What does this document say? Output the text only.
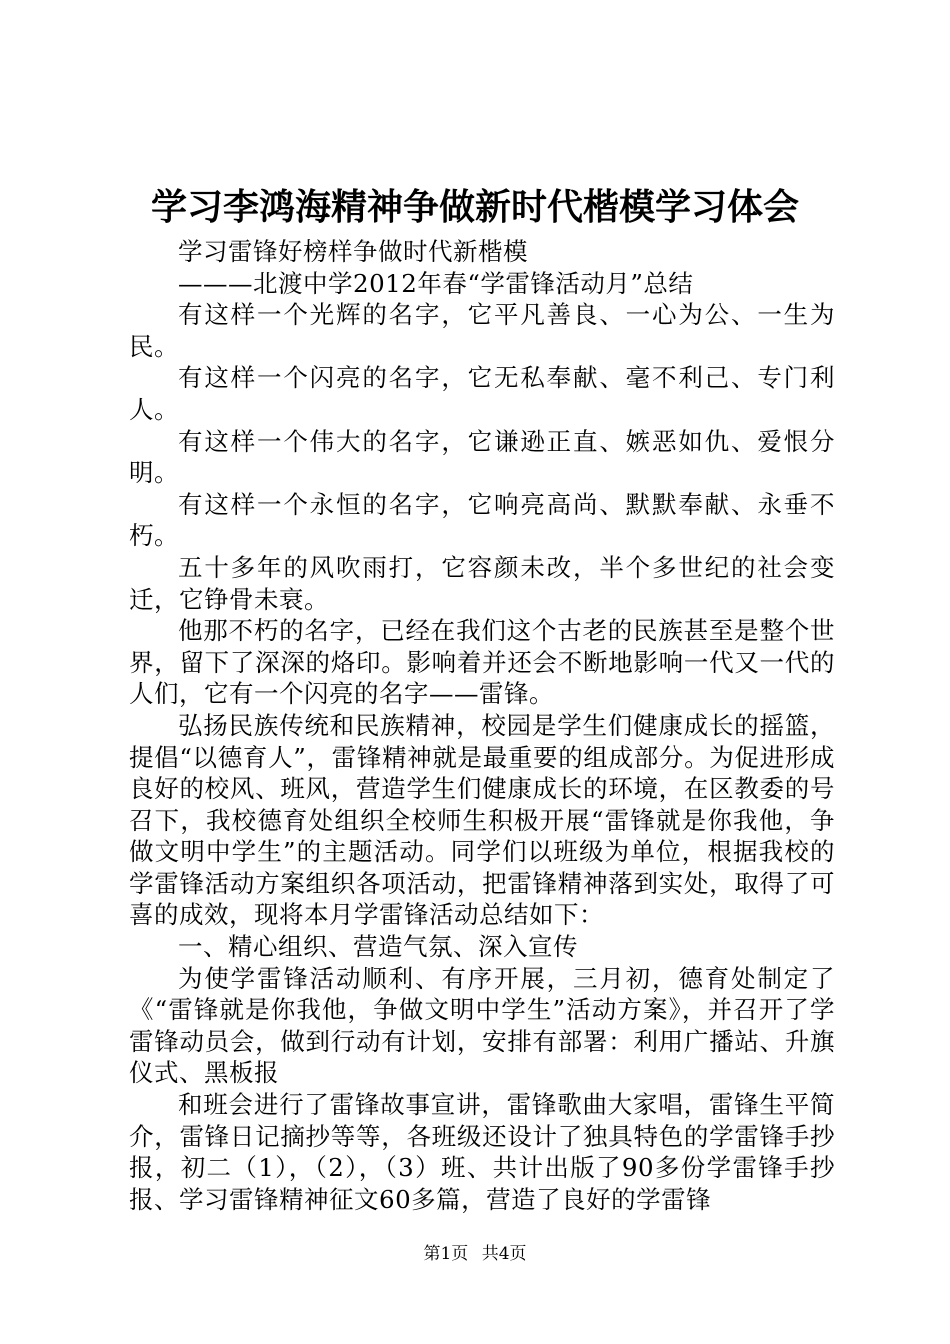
学习李鸿海精神争做新时代楷模学习体会

学习雷锋好榜样争做时代新楷模

———北渡中学2012年春“学雷锋活动月”总结

有这样一个光辉的名字，它平凡善良、一心为公、一生为民。

有这样一个闪亮的名字，它无私奉献、毫不利己、专门利人。

有这样一个伟大的名字，它谦逊正直、嫉恶如仇、爱恨分明。

有这样一个永恒的名字，它响亮高尚、默默奉献、永垂不朽。

五十多年的风吹雨打，它容颜未改，半个多世纪的社会变迁，它铮骨未衰。

他那不朽的名字，已经在我们这个古老的民族甚至是整个世界，留下了深深的烙印。影响着并还会不断地影响一代又一代的人们，它有一个闪亮的名字——雷锋。

弘扬民族传统和民族精神，校园是学生们健康成长的摇篮，提倡“以德育人”，雷锋精神就是最重要的组成部分。为促进形成良好的校风、班风，营造学生们健康成长的环境，在区教委的号召下，我校德育处组织全校师生积极开展“雷锋就是你我他，争做文明中学生”的主题活动。同学们以班级为单位，根据我校的学雷锋活动方案组织各项活动，把雷锋精神落到实处，取得了可喜的成效，现将本月学雷锋活动总结如下：

一、精心组织、营造气氛、深入宣传

为使学雷锋活动顺利、有序开展，三月初，德育处制定了《“雷锋就是你我他，争做文明中学生”活动方案》，并召开了学雷锋动员会，做到行动有计划，安排有部署：利用广播站、升旗仪式、黑板报

和班会进行了雷锋故事宣讲，雷锋歌曲大家唱，雷锋生平简介，雷锋日记摘抄等等，各班级还设计了独具特色的学雷锋手抄报，初二（1），（2），（3）班、共计出版了90多份学雷锋手抄报、学习雷锋精神征文60多篇，营造了良好的学雷锋

第1页 共4页
